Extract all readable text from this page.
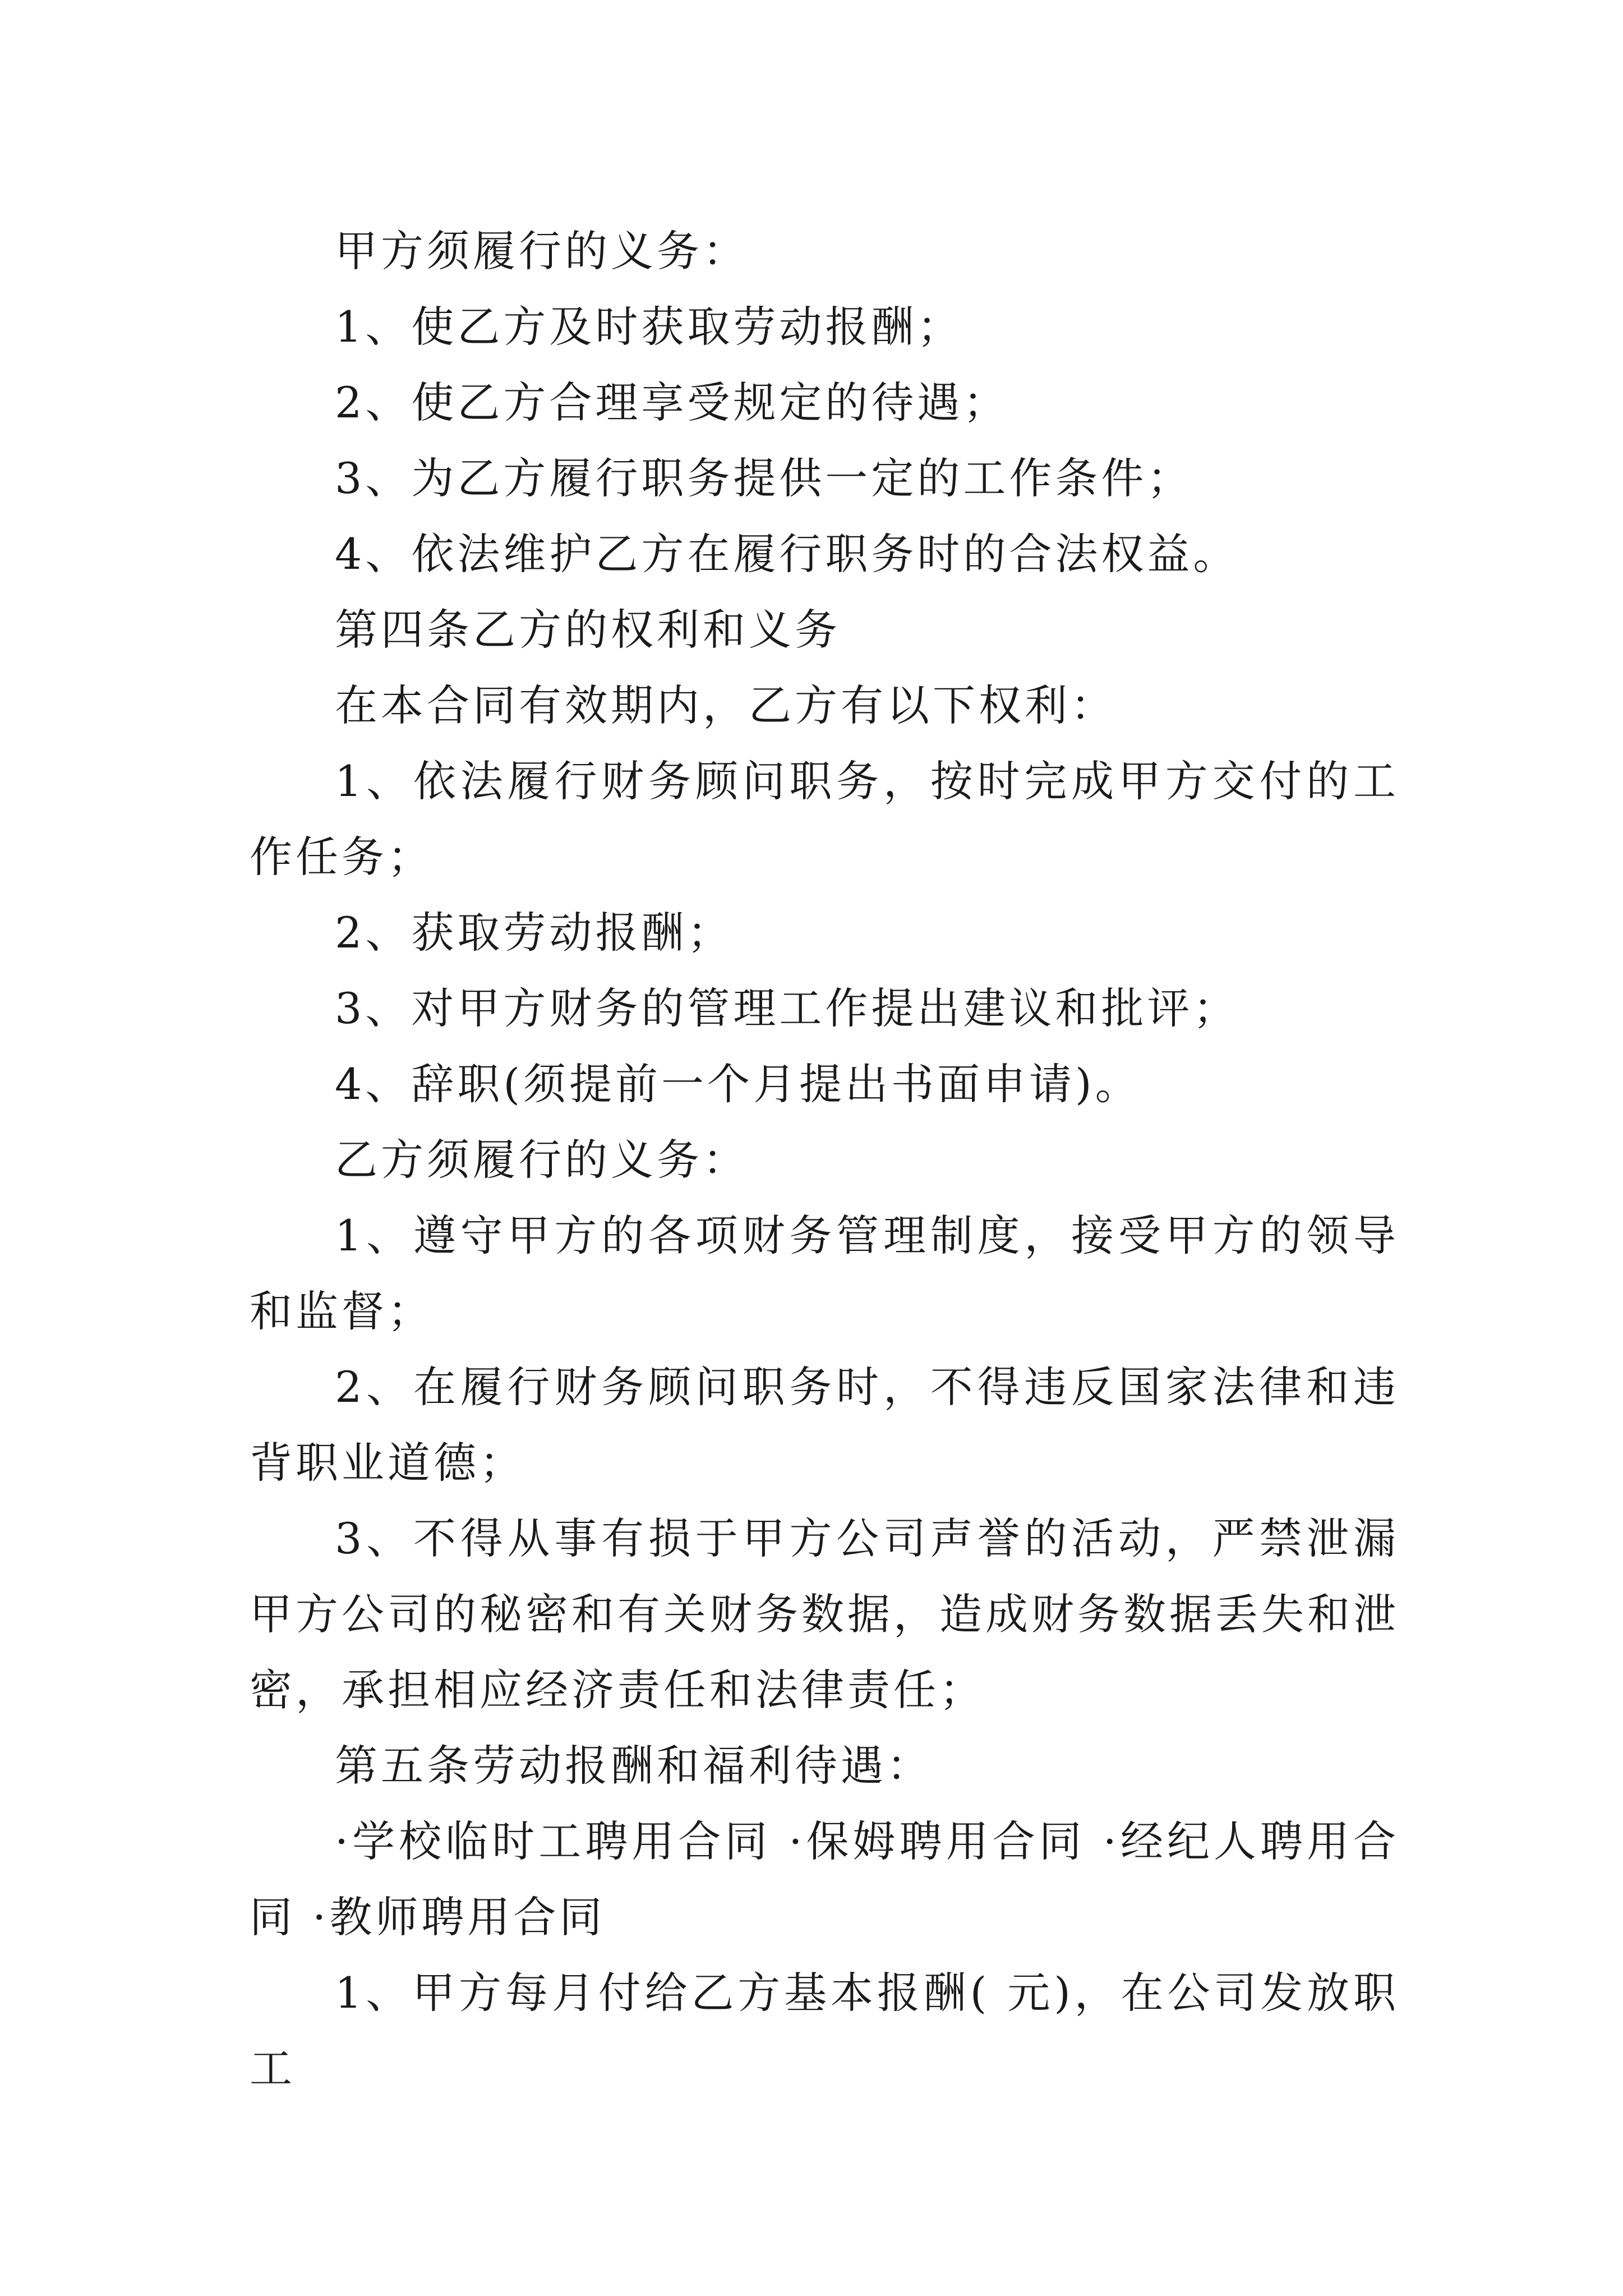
甲方须履行的义务：

1、使乙方及时获取劳动报酬；

2、使乙方合理享受规定的待遇；

3、为乙方履行职务提供一定的工作条件；

4、依法维护乙方在履行职务时的合法权益。

第四条乙方的权利和义务

在本合同有效期内，乙方有以下权利：

1、依法履行财务顾问职务，按时完成甲方交付的工作任务；

2、获取劳动报酬；

3、对甲方财务的管理工作提出建议和批评；

4、辞职(须提前一个月提出书面申请)。

乙方须履行的义务：

1、遵守甲方的各项财务管理制度，接受甲方的领导和监督；

2、在履行财务顾问职务时，不得违反国家法律和违背职业道德；

3、不得从事有损于甲方公司声誉的活动，严禁泄漏甲方公司的秘密和有关财务数据，造成财务数据丢失和泄密，承担相应经济责任和法律责任；

第五条劳动报酬和福利待遇：

·学校临时工聘用合同 ·保姆聘用合同 ·经纪人聘用合同 ·教师聘用合同

1、甲方每月付给乙方基本报酬( 元)，在公司发放职工
